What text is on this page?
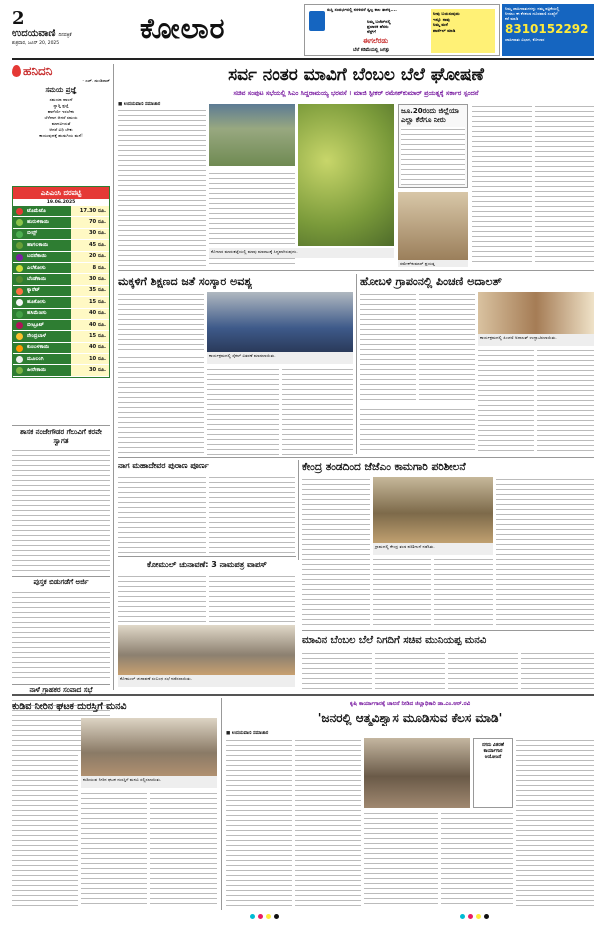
2
ಉದಯವಾಣಿ ದಿನಪತ್ರಿಕೆ
ಶುಕ್ರವಾರ, ಜೂನ್ 20, 2025	ಕೋಲಾರ
ಸುಸ್ತಿ ಸಂದರ್ಭದಲ್ಲಿ ನರಳಿದರೆ ಸ್ವಲ್ಪ ಕಾಲ ತಾಳಿಕ್ಕಿ....
ನಿಮ್ಮ ಬಜೆಟ್‌ನಲ್ಲಿ
ಪ್ರಚಾರಕ ಹೆಸರು
ನೆಸ್ಟ್‌ಗೆ
ಈಗಲೆರಡು
ಬೆಲೆ ಕಡಿಮೆಯಲ್ಲಿ ಜಗತ್ತು
ನೀವು ಬಯಸುವುದು
ಇನ್ನೂ ನಾವು
ನಿಮ್ಮ ಮನೆ
ಪಾರ್ಸೆಲ್ ಮಾಡಿ
ನಿಮ್ಮ ಜಾಹೀರಾತುಗಳನ್ನು ನಮ್ಮ ಪತ್ರಿಕೆಯಲ್ಲಿ
ನೀಡಲು ಈ ಕೆಳಕಂಡ ದೂರವಾಣಿ ಸಂಖ್ಯೆಗೆ
ಕರೆ ಮಾಡಿ
8310152292
ಜಾಹೀರಾತು ವಿಭಾಗ, ಕೋಲಾರ
ಹನಿದನಿ
- ಎಚ್. ಡುಂಡಿರಾಜ್
ಸಮಯ ಪ್ರಜ್ಞೆ
ಸಮಯಾ ಪಾಲನೆ
ಸ್ವಾದ್ದಿ ಪ್ರಜ್ಞೆ
ಹಾಗೆಯೇ ಇರಬೇಕು
ಬೆಳೆದಾಗ ಆದರೆ ಸಮಯ
ಮಾನವೀಯತೆ
ಆದರೆ ವಿಧಿ ಬೇಕು
ಕಾಯುವುದಕ್ಕೆ ಹುಡುಗಿಯ ಮನೆ!
ಎಪಿಎಂಸಿ ದರಪಟ್ಟಿ
19.06.2025
ಟೊಮೆಟೊ	17.30 ರೂ.
ಹುರುಳಿಕಾಯಿ	70 ರೂ.
ಬೀನ್ಸ್	30 ರೂ.
ಹಾಗಲಕಾಯಿ	45 ರೂ.
ಬದನೆಕಾಯಿ	20 ರೂ.
ಎಲೆಕೋಸು	8 ರೂ.
ಬೆಂಡೆಕಾಯಿ	30 ರೂ.
ಕ್ಯಾರೆಟ್	35 ರೂ.
ಹೂಕೋಸು	15 ರೂ.
ಹಸಿಮೆಣಸು	40 ರೂ.
ಬೀಟ್ರೂಟ್	40 ರೂ.
ನೇಂದ್ರಬಾಳೆ	15 ರೂ.
ಕುಂಬಳಕಾಯಿ	40 ರೂ.
ಮೂಲಂಗಿ	10 ರೂ.
ಹೀರೇಕಾಯಿ	30 ರೂ.
ಶಾಸಕ ನಂಜೇಗೌಡರ ಗೆಲುವಿಗೆ ಕರವೇ ಸ್ವಾಗತ
ಪುಸ್ತಕ ಬಿಡುಗಡೆಗೆ ಅರ್ಜಿ
ನಾಳೆ ಗ್ರಾಹಕರ ಸಂವಾದ ಸಭೆ
ಸರ್ವ ನಂತರ ಮಾವಿಗೆ ಬೆಂಬಲ ಬೆಲೆ ಘೋಷಣೆ
ಸಚಿವ ಸಂಪುಟ ಸಭೆಯಲ್ಲಿ ಸಿಎಂ ಸಿದ್ದರಾಮಯ್ಯ ಭರವಸೆ । ಮಾಜಿ ಸ್ಪೀಕರ್ ರಮೇಶ್‌ಕುಮಾರ್ ಪ್ರಯತ್ನಕ್ಕೆ ಸರ್ಕಾರ ಸ್ಪಂದನೆ
■ ಉದಯವಾಣಿ ಸಮಾಚಾರ
ಕೋಲಾರ ಮಾರುಕಟ್ಟೆಯಲ್ಲಿ ಮಾವು ಮಾರಾಟಕ್ಕೆ ಸಿದ್ಧವಾಗಿರುವುದು.
ಜೂ.20ರಂದು ಜಿಲ್ಲೆಯಾ ಎಲ್ಲಾ ಕೆರೆಗೂ ನೀರು
ರಮೇಶ್‌ಕುಮಾರ್ ಪ್ರಯತ್ನ
ಮಕ್ಕಳಿಗೆ ಶಿಕ್ಷಣದ ಜತೆ ಸಂಸ್ಕಾರ ಅವಶ್ಯ
ಕಾರ್ಯಕ್ರಮದಲ್ಲಿ ಸೈಕಲ್ ವಿತರಣೆ ಮಾಡಲಾಯಿತು.
ಹೋಬಳಿ ಗ್ರಾಪಂನಲ್ಲಿ ಪಿಂಚಣಿ ಅದಾಲತ್
ಕಾರ್ಯಕ್ರಮದಲ್ಲಿ ಪಿಂಚಣಿ ಅದಾಲತ್ ಉದ್ಘಾಟಿಸಲಾಯಿತು.
ನಾಗ ಮಹಾದೇವರ ಪುರಾಣ ಪೂರ್ಣ	ಕೇಂದ್ರ ತಂಡದಿಂದ ಜೆಜೆಎಂ ಕಾಮಗಾರಿ ಪರಿಶೀಲನೆ
ಗ್ರಾಮದಲ್ಲಿ ಕೇಂದ್ರ ತಂಡ ಪರಿಶೀಲನೆ ನಡೆಸಿತು.
ಕೋಮುಲ್ ಚುನಾವಣೆ: 3 ನಾಮಪತ್ರ ವಾಪಸ್
ಕೋಮುಲ್ ಚುನಾವಣೆ ಸಂಬಂಧ ಸಭೆ ನಡೆಸಲಾಯಿತು.
ಮಾವಿನ ಬೆಂಬಲ ಬೆಲೆ ನಿಗದಿಗೆ ಸಚಿವ ಮುನಿಯಪ್ಪ ಮನವಿ
ಕುಡಿವ ನೀರಿನ ಘಟಕ ದುರಸ್ತಿಗೆ ಮನವಿ
ಕುಡಿಯುವ ನೀರಿನ ಘಟಕ ದುರಸ್ತಿಗೆ ಮನವಿ ಸಲ್ಲಿಸಲಾಯಿತು.
ಕೃಷಿ ಕಾರ್ಯಾಗಾರಕ್ಕೆ ಚಾಲನೆ ನೀಡಿದ ಜಿಲ್ಲಾಧಿಕಾರಿ ಡಾ.ಎಂ.ಆರ್.ರವಿ
'ಜನರಲ್ಲಿ ಆತ್ಮವಿಶ್ವಾಸ ಮೂಡಿಸುವ ಕೆಲಸ ಮಾಡಿ'
■ ಉದಯವಾಣಿ ಸಮಾಚಾರ
ನಗದು ವಿತರಣೆ
ಕಾರ್ಯಾಗಾರ
ಆಯೋಜನೆ
